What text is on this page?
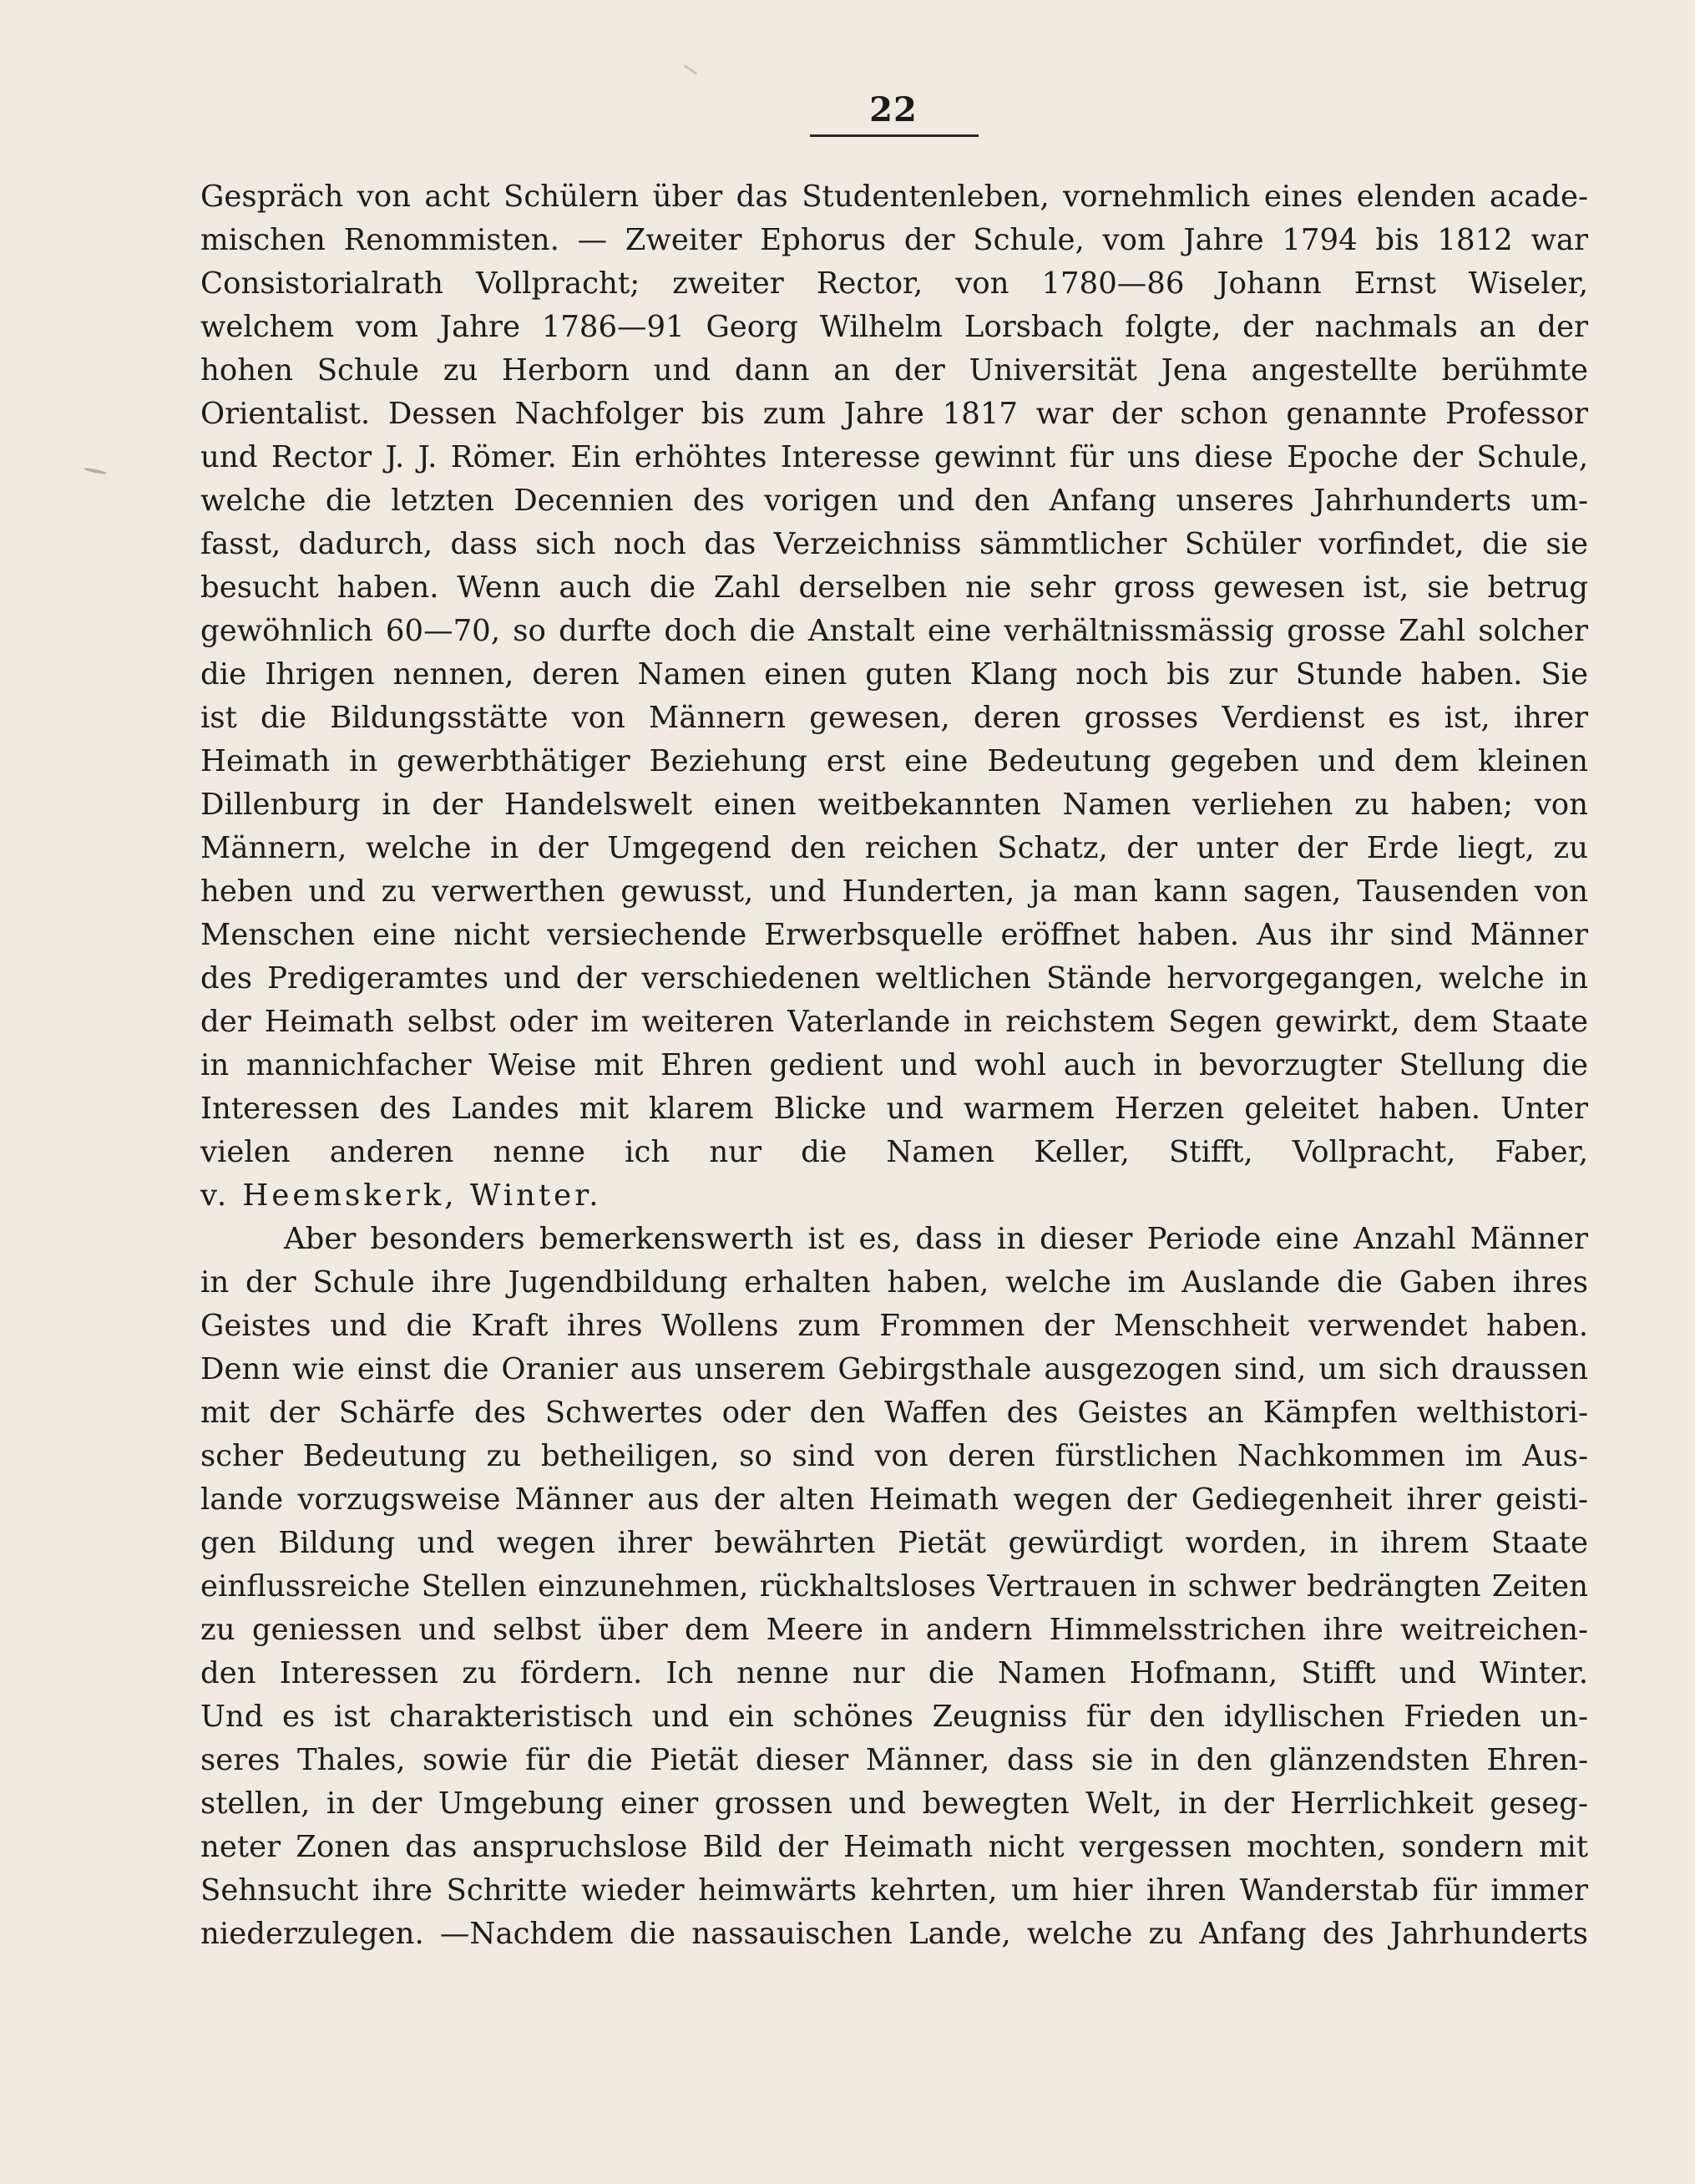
22
Gespräch von acht Schülern über das Studentenleben, vornehmlich eines elenden acade-
mischen Renommisten. — Zweiter Ephorus der Schule, vom Jahre 1794 bis 1812 war
Consistorialrath Vollpracht; zweiter Rector, von 1780—86 Johann Ernst Wiseler,
welchem vom Jahre 1786—91 Georg Wilhelm Lorsbach folgte, der nachmals an der
hohen Schule zu Herborn und dann an der Universität Jena angestellte berühmte
Orientalist. Dessen Nachfolger bis zum Jahre 1817 war der schon genannte Professor
und Rector J. J. Römer. Ein erhöhtes Interesse gewinnt für uns diese Epoche der Schule,
welche die letzten Decennien des vorigen und den Anfang unseres Jahrhunderts um-
fasst, dadurch, dass sich noch das Verzeichniss sämmtlicher Schüler vorfindet, die sie
besucht haben. Wenn auch die Zahl derselben nie sehr gross gewesen ist, sie betrug
gewöhnlich 60—70, so durfte doch die Anstalt eine verhältnissmässig grosse Zahl solcher
die Ihrigen nennen, deren Namen einen guten Klang noch bis zur Stunde haben. Sie
ist die Bildungsstätte von Männern gewesen, deren grosses Verdienst es ist, ihrer
Heimath in gewerbthätiger Beziehung erst eine Bedeutung gegeben und dem kleinen
Dillenburg in der Handelswelt einen weitbekannten Namen verliehen zu haben; von
Männern, welche in der Umgegend den reichen Schatz, der unter der Erde liegt, zu
heben und zu verwerthen gewusst, und Hunderten, ja man kann sagen, Tausenden von
Menschen eine nicht versiechende Erwerbsquelle eröffnet haben. Aus ihr sind Männer
des Predigeramtes und der verschiedenen weltlichen Stände hervorgegangen, welche in
der Heimath selbst oder im weiteren Vaterlande in reichstem Segen gewirkt, dem Staate
in mannichfacher Weise mit Ehren gedient und wohl auch in bevorzugter Stellung die
Interessen des Landes mit klarem Blicke und warmem Herzen geleitet haben. Unter
vielen anderen nenne ich nur die Namen Keller, Stifft, Vollpracht, Faber,
v. Heemskerk, Winter.
Aber besonders bemerkenswerth ist es, dass in dieser Periode eine Anzahl Männer
in der Schule ihre Jugendbildung erhalten haben, welche im Auslande die Gaben ihres
Geistes und die Kraft ihres Wollens zum Frommen der Menschheit verwendet haben.
Denn wie einst die Oranier aus unserem Gebirgsthale ausgezogen sind, um sich draussen
mit der Schärfe des Schwertes oder den Waffen des Geistes an Kämpfen welthistori-
scher Bedeutung zu betheiligen, so sind von deren fürstlichen Nachkommen im Aus-
lande vorzugsweise Männer aus der alten Heimath wegen der Gediegenheit ihrer geisti-
gen Bildung und wegen ihrer bewährten Pietät gewürdigt worden, in ihrem Staate
einflussreiche Stellen einzunehmen, rückhaltsloses Vertrauen in schwer bedrängten Zeiten
zu geniessen und selbst über dem Meere in andern Himmelsstrichen ihre weitreichen-
den Interessen zu fördern. Ich nenne nur die Namen Hofmann, Stifft und Winter.
Und es ist charakteristisch und ein schönes Zeugniss für den idyllischen Frieden un-
seres Thales, sowie für die Pietät dieser Männer, dass sie in den glänzendsten Ehren-
stellen, in der Umgebung einer grossen und bewegten Welt, in der Herrlichkeit geseg-
neter Zonen das anspruchslose Bild der Heimath nicht vergessen mochten, sondern mit
Sehnsucht ihre Schritte wieder heimwärts kehrten, um hier ihren Wanderstab für immer
niederzulegen. —Nachdem die nassauischen Lande, welche zu Anfang des Jahrhunderts
